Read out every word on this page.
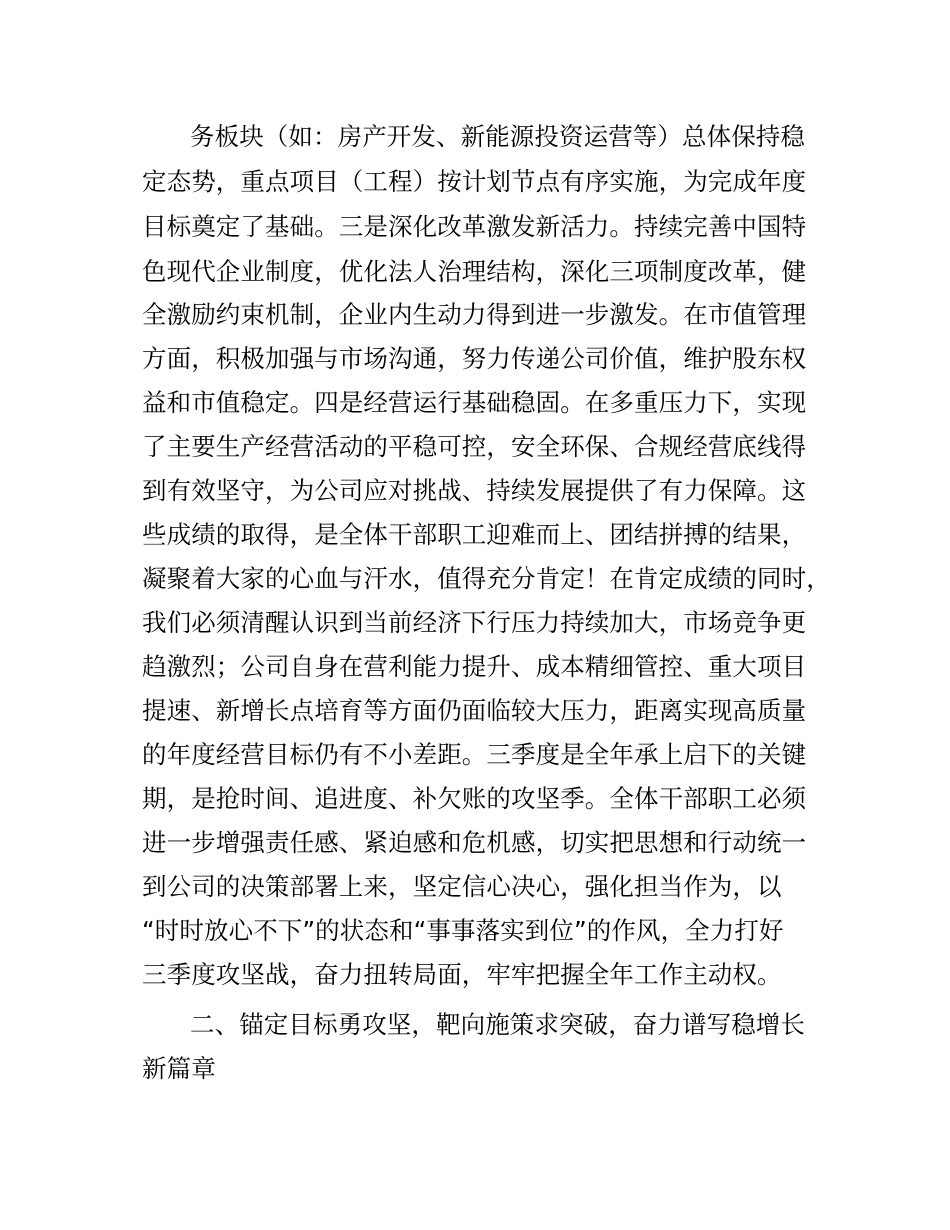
务板块（如：房产开发、新能源投资运营等）总体保持稳

定态势，重点项目（工程）按计划节点有序实施，为完成年度

目标奠定了基础。三是深化改革激发新活力。持续完善中国特

色现代企业制度，优化法人治理结构，深化三项制度改革，健

全激励约束机制，企业内生动力得到进一步激发。在市值管理

方面，积极加强与市场沟通，努力传递公司价值，维护股东权

益和市值稳定。四是经营运行基础稳固。在多重压力下，实现

了主要生产经营活动的平稳可控，安全环保、合规经营底线得

到有效坚守，为公司应对挑战、持续发展提供了有力保障。这

些成绩的取得，是全体干部职工迎难而上、团结拼搏的结果，

凝聚着大家的心血与汗水，值得充分肯定！在肯定成绩的同时，

我们必须清醒认识到当前经济下行压力持续加大，市场竞争更

趋激烈；公司自身在营利能力提升、成本精细管控、重大项目

提速、新增长点培育等方面仍面临较大压力，距离实现高质量

的年度经营目标仍有不小差距。三季度是全年承上启下的关键

期，是抢时间、追进度、补欠账的攻坚季。全体干部职工必须

进一步增强责任感、紧迫感和危机感，切实把思想和行动统一

到公司的决策部署上来，坚定信心决心，强化担当作为，以

“时时放心不下”的状态和“事事落实到位”的作风，全力打好

三季度攻坚战，奋力扭转局面，牢牢把握全年工作主动权。

二、锚定目标勇攻坚，靶向施策求突破，奋力谱写稳增长

新篇章
